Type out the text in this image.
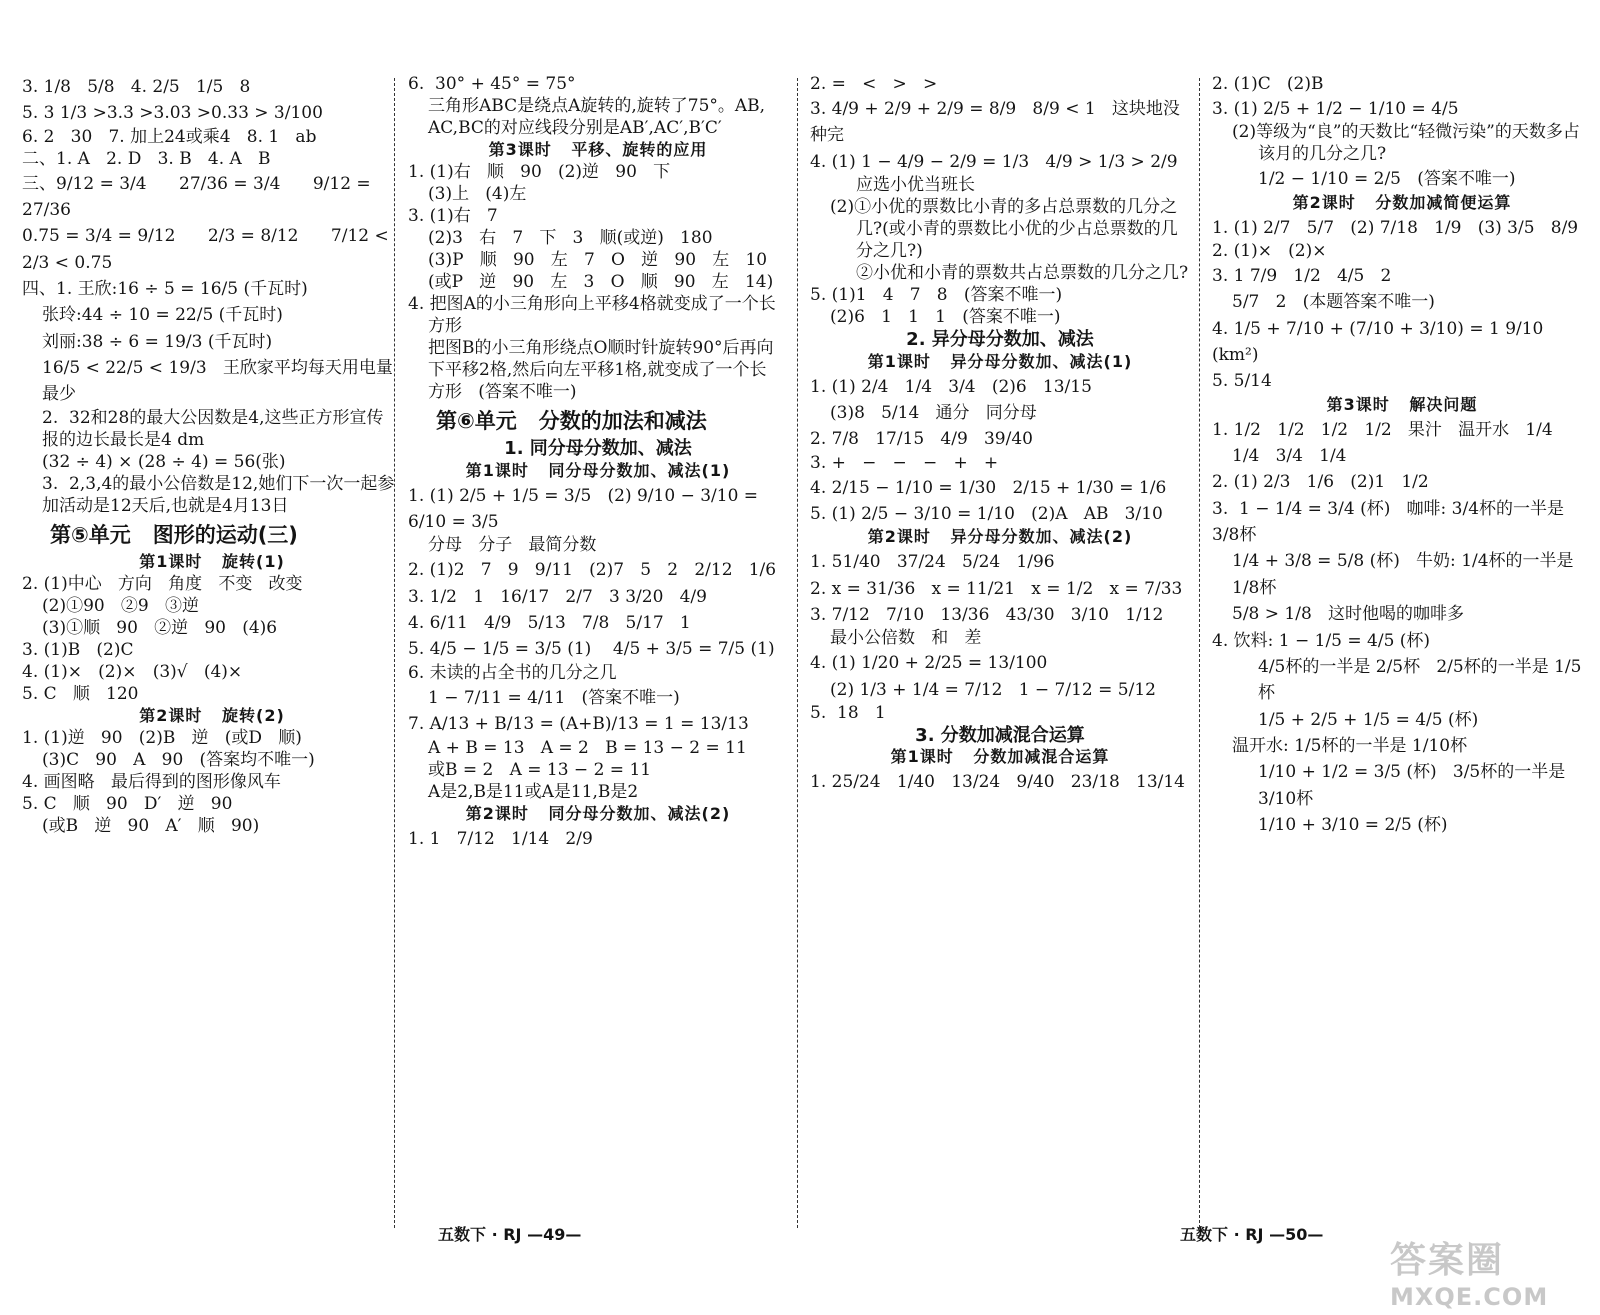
3. 1/8   5/8   4. 2/5   1/5   8
5. 3 1/3 >3.3 >3.03 >0.33 > 3/100
6. 2   30   7. 加上24或乘4   8. 1   ab
二、1. A   2. D   3. B   4. A   B
三、9/12 = 3/4      27/36 = 3/4      9/12 = 27/36
0.75 = 3/4 = 9/12      2/3 = 8/12      7/12 < 2/3 < 0.75
四、1. 王欣:16 ÷ 5 = 16/5 (千瓦时)
张玲:44 ÷ 10 = 22/5 (千瓦时)
刘丽:38 ÷ 6 = 19/3 (千瓦时)
16/5 < 22/5 < 19/3   王欣家平均每天用电量最少
2.  32和28的最大公因数是4,这些正方形宣传
报的边长最长是4 dm
(32 ÷ 4) × (28 ÷ 4) = 56(张)
3.  2,3,4的最小公倍数是12,她们下一次一起参
加活动是12天后,也就是4月13日
第⑤单元   图形的运动(三)
第1课时   旋转(1)
2. (1)中心   方向   角度   不变   改变
(2)①90   ②9   ③逆
(3)①顺   90   ②逆   90   (4)6
3. (1)B   (2)C
4. (1)×   (2)×   (3)√   (4)×
5. C   顺   120
第2课时   旋转(2)
1. (1)逆   90   (2)B   逆   (或D   顺)
(3)C   90   A   90   (答案均不唯一)
4. 画图略   最后得到的图形像风车
5. C   顺   90   D′   逆   90
(或B   逆   90   A′   顺   90)
6.  30° + 45° = 75°
三角形ABC是绕点A旋转的,旋转了75°。AB,
AC,BC的对应线段分别是AB′,AC′,B′C′
第3课时   平移、旋转的应用
1. (1)右   顺   90   (2)逆   90   下
(3)上   (4)左
3. (1)右   7
(2)3   右   7   下   3   顺(或逆)   180
(3)P   顺   90   左   7   O   逆   90   左   10
(或P   逆   90   左   3   O   顺   90   左   14)
4. 把图A的小三角形向上平移4格就变成了一个长
方形
把图B的小三角形绕点O顺时针旋转90°后再向
下平移2格,然后向左平移1格,就变成了一个长
方形   (答案不唯一)
第⑥单元   分数的加法和减法
1. 同分母分数加、减法
第1课时   同分母分数加、减法(1)
1. (1) 2/5 + 1/5 = 3/5   (2) 9/10 − 3/10 = 6/10 = 3/5
分母   分子   最简分数
2. (1)2   7   9   9/11   (2)7   5   2   2/12   1/6
3. 1/2   1   16/17   2/7   3 3/20   4/9
4. 6/11   4/9   5/13   7/8   5/17   1
5. 4/5 − 1/5 = 3/5 (1)    4/5 + 3/5 = 7/5 (1)
6. 未读的占全书的几分之几
1 − 7/11 = 4/11   (答案不唯一)
7. A/13 + B/13 = (A+B)/13 = 1 = 13/13
A + B = 13   A = 2   B = 13 − 2 = 11
或B = 2   A = 13 − 2 = 11
A是2,B是11或A是11,B是2
第2课时   同分母分数加、减法(2)
1. 1   7/12   1/14   2/9
2. =   <   >   >
3. 4/9 + 2/9 + 2/9 = 8/9   8/9 < 1   这块地没种完
4. (1) 1 − 4/9 − 2/9 = 1/3   4/9 > 1/3 > 2/9
应选小优当班长
(2)①小优的票数比小青的多占总票数的几分之
几?(或小青的票数比小优的少占总票数的几
分之几?)
②小优和小青的票数共占总票数的几分之几?
5. (1)1   4   7   8   (答案不唯一)
(2)6   1   1   1   (答案不唯一)
2. 异分母分数加、减法
第1课时   异分母分数加、减法(1)
1. (1) 2/4   1/4   3/4   (2)6   13/15
(3)8   5/14   通分   同分母
2. 7/8   17/15   4/9   39/40
3. +   −   −   −   +   +
4. 2/15 − 1/10 = 1/30   2/15 + 1/30 = 1/6
5. (1) 2/5 − 3/10 = 1/10   (2)A   AB   3/10
第2课时   异分母分数加、减法(2)
1. 51/40   37/24   5/24   1/96
2. x = 31/36   x = 11/21   x = 1/2   x = 7/33
3. 7/12   7/10   13/36   43/30   3/10   1/12
最小公倍数   和   差
4. (1) 1/20 + 2/25 = 13/100
(2) 1/3 + 1/4 = 7/12   1 − 7/12 = 5/12
5.  18   1
3. 分数加减混合运算
第1课时   分数加减混合运算
1. 25/24   1/40   13/24   9/40   23/18   13/14
2. (1)C   (2)B
3. (1) 2/5 + 1/2 − 1/10 = 4/5
(2)等级为“良”的天数比“轻微污染”的天数多占
该月的几分之几?
1/2 − 1/10 = 2/5   (答案不唯一)
第2课时   分数加减简便运算
1. (1) 2/7   5/7   (2) 7/18   1/9   (3) 3/5   8/9
2. (1)×   (2)×
3. 1 7/9   1/2   4/5   2
5/7   2   (本题答案不唯一)
4. 1/5 + 7/10 + (7/10 + 3/10) = 1 9/10 (km²)
5. 5/14
第3课时   解决问题
1. 1/2   1/2   1/2   1/2   果汁   温开水   1/4
1/4   3/4   1/4
2. (1) 2/3   1/6   (2)1   1/2
3.  1 − 1/4 = 3/4 (杯)   咖啡: 3/4杯的一半是 3/8杯
1/4 + 3/8 = 5/8 (杯)   牛奶: 1/4杯的一半是 1/8杯
5/8 > 1/8   这时他喝的咖啡多
4. 饮料: 1 − 1/5 = 4/5 (杯)
4/5杯的一半是 2/5杯   2/5杯的一半是 1/5杯
1/5 + 2/5 + 1/5 = 4/5 (杯)
温开水: 1/5杯的一半是 1/10杯
1/10 + 1/2 = 3/5 (杯)   3/5杯的一半是 3/10杯
1/10 + 3/10 = 2/5 (杯)
五数下 · RJ —49—	五数下 · RJ —50—
答案圈
MXQE.COM
